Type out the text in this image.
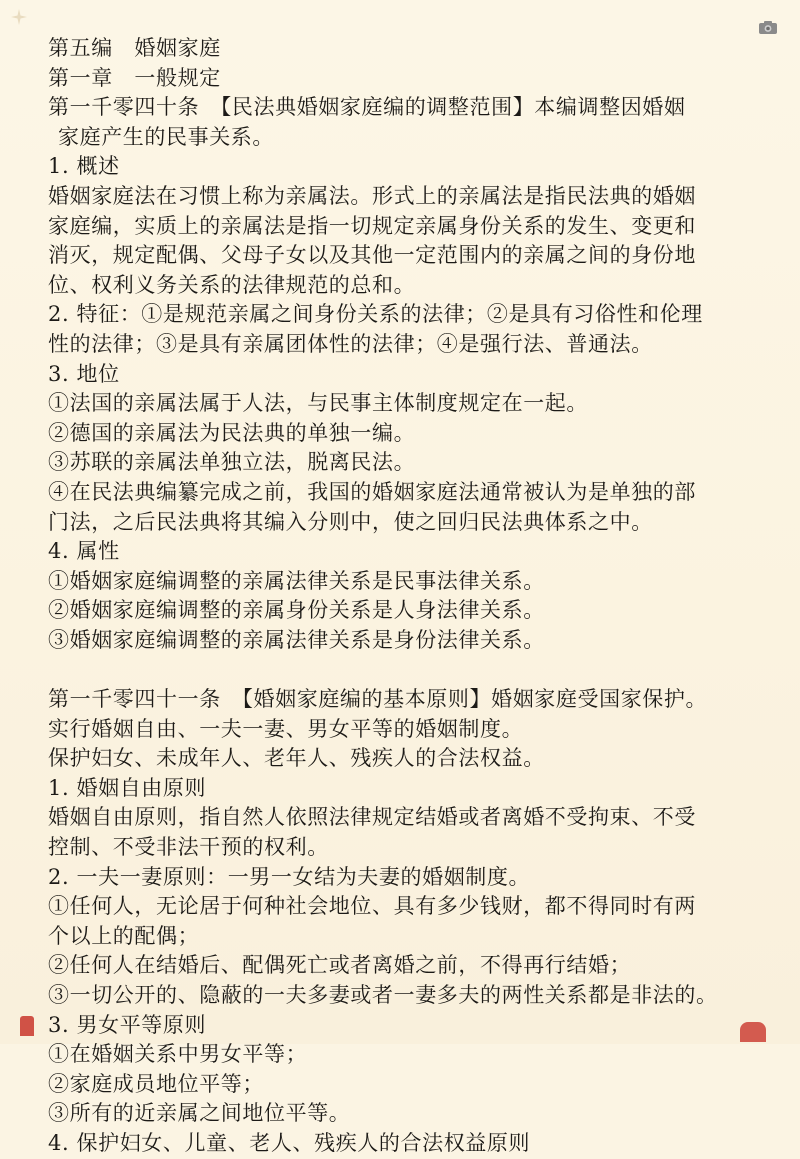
第五编　婚姻家庭
第一章　一般规定
第一千零四十条　【民法典婚姻家庭编的调整范围】本编调整因婚姻
家庭产生的民事关系。
1. 概述
婚姻家庭法在习惯上称为亲属法。形式上的亲属法是指民法典的婚姻
家庭编，实质上的亲属法是指一切规定亲属身份关系的发生、变更和
消灭，规定配偶、父母子女以及其他一定范围内的亲属之间的身份地
位、权利义务关系的法律规范的总和。
2. 特征：①是规范亲属之间身份关系的法律；②是具有习俗性和伦理
性的法律；③是具有亲属团体性的法律；④是强行法、普通法。
3. 地位
①法国的亲属法属于人法，与民事主体制度规定在一起。
②德国的亲属法为民法典的单独一编。
③苏联的亲属法单独立法，脱离民法。
④在民法典编纂完成之前，我国的婚姻家庭法通常被认为是单独的部
门法，之后民法典将其编入分则中，使之回归民法典体系之中。
4. 属性
①婚姻家庭编调整的亲属法律关系是民事法律关系。
②婚姻家庭编调整的亲属身份关系是人身法律关系。
③婚姻家庭编调整的亲属法律关系是身份法律关系。
第一千零四十一条　【婚姻家庭编的基本原则】婚姻家庭受国家保护。
实行婚姻自由、一夫一妻、男女平等的婚姻制度。
保护妇女、未成年人、老年人、残疾人的合法权益。
1. 婚姻自由原则
婚姻自由原则，指自然人依照法律规定结婚或者离婚不受拘束、不受
控制、不受非法干预的权利。
2. 一夫一妻原则：一男一女结为夫妻的婚姻制度。
①任何人，无论居于何种社会地位、具有多少钱财，都不得同时有两
个以上的配偶；
②任何人在结婚后、配偶死亡或者离婚之前，不得再行结婚；
③一切公开的、隐蔽的一夫多妻或者一妻多夫的两性关系都是非法的。
3. 男女平等原则
①在婚姻关系中男女平等；
②家庭成员地位平等；
③所有的近亲属之间地位平等。
4. 保护妇女、儿童、老人、残疾人的合法权益原则
